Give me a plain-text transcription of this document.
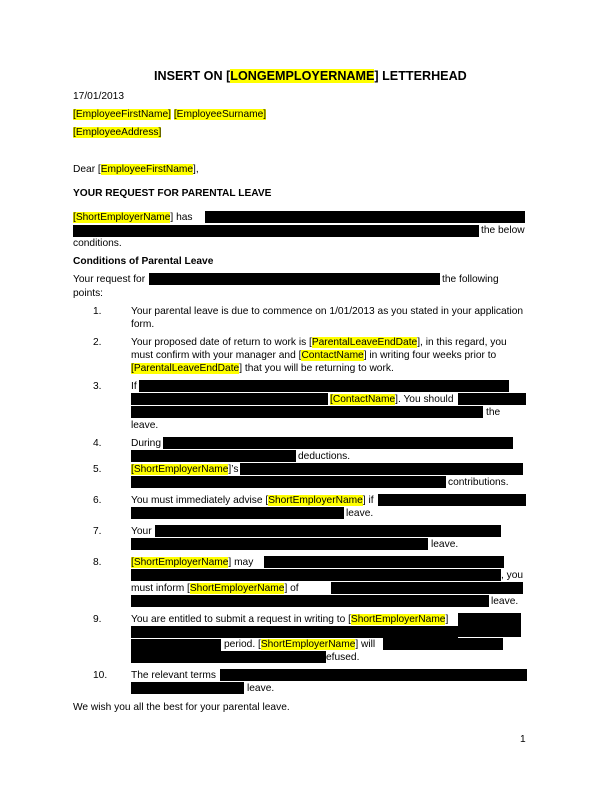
INSERT ON [LONGEMPLOYERNAME] LETTERHEAD
17/01/2013
[EmployeeFirstName] [EmployeeSurname]
[EmployeeAddress]
Dear [EmployeeFirstName],
YOUR REQUEST FOR PARENTAL LEAVE
[ShortEmployerName] has
the below
conditions.
Conditions of Parental Leave
Your request for	the following
points:
1.	Your parental leave is due to commence on 1/01/2013 as you stated in your application
form.
2.	Your proposed date of return to work is [ParentalLeaveEndDate], in this regard, you
must confirm with your manager and [ContactName] in writing four weeks prior to
[ParentalLeaveEndDate] that you will be returning to work.
3.	If
[ContactName]. You should
the
leave.
4.	During
deductions.
5.	[ShortEmployerName]’s
contributions.
6.	You must immediately advise [ShortEmployerName] if
leave.
7.	Your
leave.
8.	[ShortEmployerName] may
, you
must inform [ShortEmployerName] of
leave.
9.	You are entitled to submit a request in writing to [ShortEmployerName]
period. [ShortEmployerName] will
efused.
10. The relevant terms
leave.
We wish you all the best for your parental leave.
1
